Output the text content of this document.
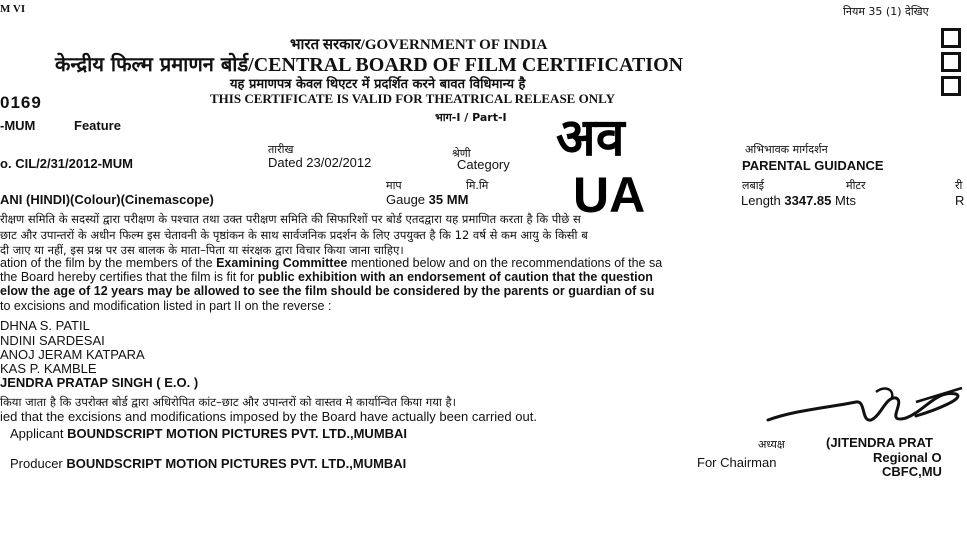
M VI	नियम 35 (1) देखिए
भारत सरकार/GOVERNMENT OF INDIA
केन्द्रीय फिल्म प्रमाणन बोर्ड/CENTRAL BOARD OF FILM CERTIFICATION
यह प्रमाणपत्र केवल थिएटर में प्रदर्शित करने बावत विधिमान्य है
THIS CERTIFICATE IS VALID FOR THEATRICAL RELEASE ONLY
भाग-I / Part-I
0169
-MUM	Feature
तारीख	श्रेणी	अभिभावक मार्गदर्शन
o. CIL/2/31/2012-MUM	Dated 23/02/2012	Category	PARENTAL GUIDANCE
अव
UA
माप	मि.मि	लबाई	मीटर	री
ANI (HINDI)(Colour)(Cinemascope)	Gauge 35 MM	Length 3347.85 Mts	R
रीक्षण समिति के सदस्यों द्वारा परीक्षण के पश्चात तथा उक्त परीक्षण समिति की सिफारिशों पर बोर्ड एतदद्वारा यह प्रमाणित करता है कि पीछे स
छाट और उपान्तरों के अधीन फिल्म इस चेतावनी के पृष्ठांकन के साथ सार्वजनिक प्रदर्शन के लिए उपयुक्त है कि 12 वर्ष से कम आयु के किसी ब
दी जाए या नहीं, इस प्रश्न पर उस बालक के माता–पिता या संरक्षक द्वारा विचार किया जाना चाहिए।
ation of the film by the members of the Examining Committee mentioned below and on the recommendations of the sa
the Board hereby certifies that the film is fit for public exhibition with an endorsement of caution that the question
elow the age of 12 years may be allowed to see the film should be considered by the parents or guardian of su
to excisions and modification listed in part II on the reverse :
DHNA S. PATIL
NDINI SARDESAI
ANOJ JERAM KATPARA
KAS P. KAMBLE
JENDRA PRATAP SINGH ( E.O. )
किया जाता है कि उपरोक्त बोर्ड द्वारा अधिरोपित कांट–छाट और उपान्तरों को वास्तव मे कार्यान्वित किया गया है।
ied that the excisions and modifications imposed by the Board have actually been carried out.
Applicant BOUNDSCRIPT MOTION PICTURES PVT. LTD.,MUMBAI
Producer BOUNDSCRIPT MOTION PICTURES PVT. LTD.,MUMBAI
अध्यक्ष
For Chairman
(JITENDRA PRAT
Regional O
CBFC,MU
